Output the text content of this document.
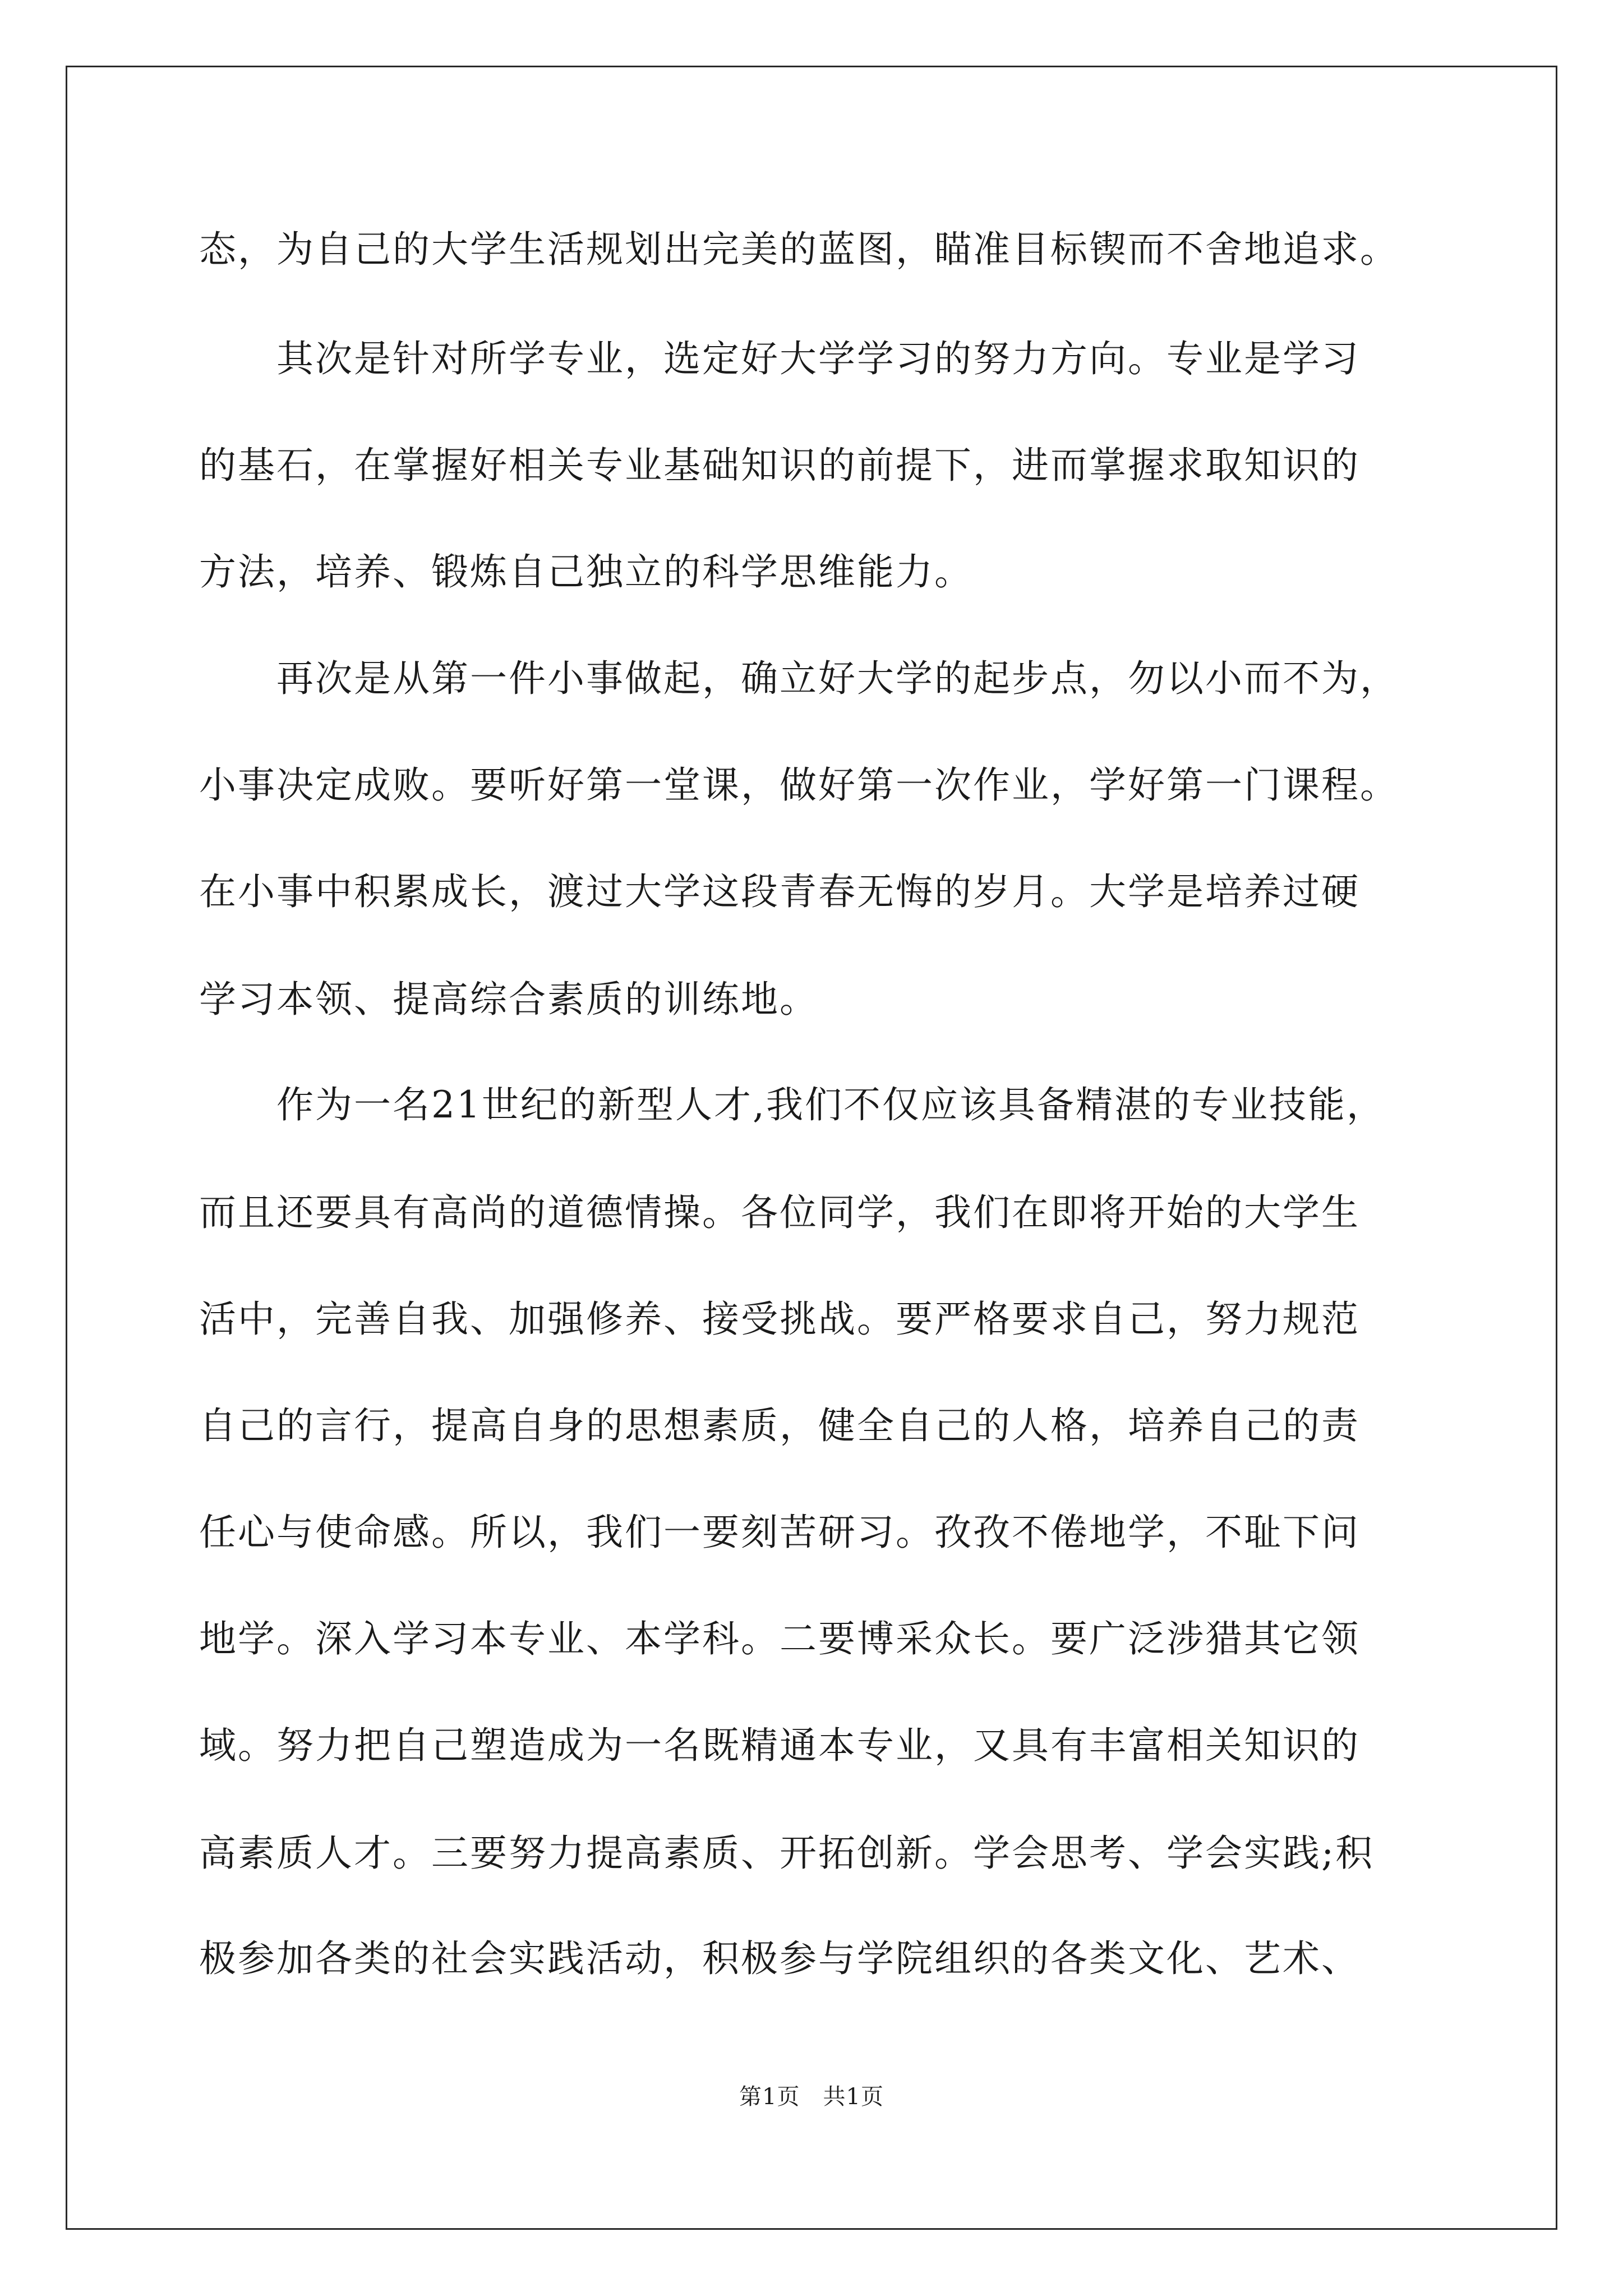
态，为自己的大学生活规划出完美的蓝图，瞄准目标锲而不舍地追求。
　　其次是针对所学专业，选定好大学学习的努力方向。专业是学习
的基石，在掌握好相关专业基础知识的前提下，进而掌握求取知识的
方法，培养、锻炼自己独立的科学思维能力。
　　再次是从第一件小事做起，确立好大学的起步点，勿以小而不为，
小事决定成败。要听好第一堂课，做好第一次作业，学好第一门课程。
在小事中积累成长，渡过大学这段青春无悔的岁月。大学是培养过硬
学习本领、提高综合素质的训练地。
　　作为一名21世纪的新型人才,我们不仅应该具备精湛的专业技能，
而且还要具有高尚的道德情操。各位同学，我们在即将开始的大学生
活中，完善自我、加强修养、接受挑战。要严格要求自己，努力规范
自己的言行，提高自身的思想素质，健全自己的人格，培养自己的责
任心与使命感。所以，我们一要刻苦研习。孜孜不倦地学，不耻下问
地学。深入学习本专业、本学科。二要博采众长。要广泛涉猎其它领
域。努力把自己塑造成为一名既精通本专业，又具有丰富相关知识的
高素质人才。三要努力提高素质、开拓创新。学会思考、学会实践;积
极参加各类的社会实践活动，积极参与学院组织的各类文化、艺术、
第1页　共1页
